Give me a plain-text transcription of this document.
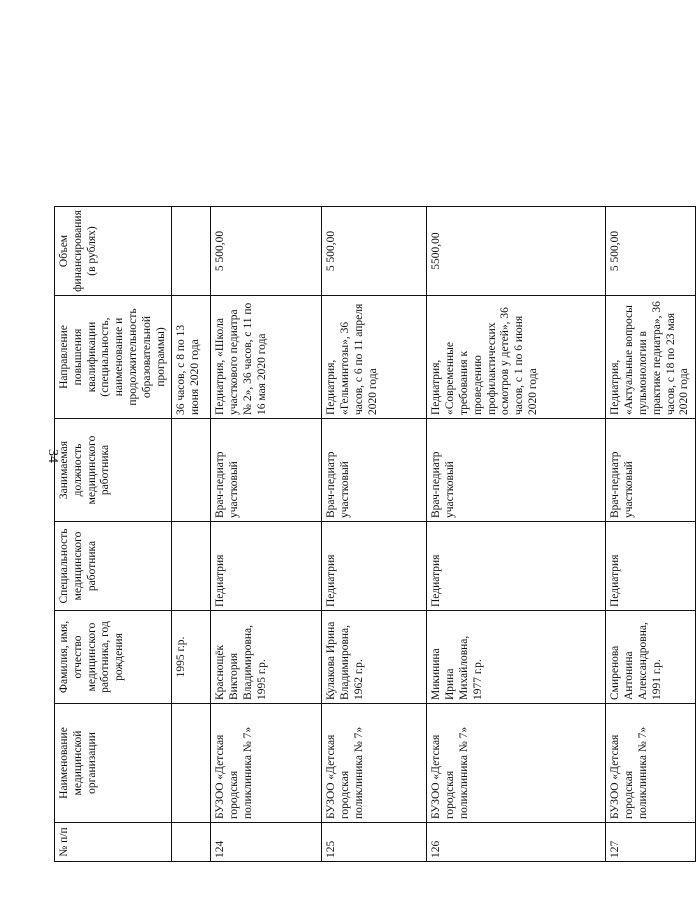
34
№ п/п	Наименование медицинской организации	Фамилия, имя, отчество медицинского работника, год рождения	Специальность медицинского работника	Занимаемая должность медицинского работника	Направление повышения квалификации (специальность, наименование и продолжительность образовательной программы)	Объем финансирования (в рублях)
		1995 г.р.			36 часов, с 8 по 13 июня 2020 года	
124	БУЗОО «Детская городская поликлиника № 7»	Краснощёк Виктория Владимировна, 1995 г.р.	Педиатрия	Врач-педиатр участковый	Педиатрия, «Школа участкового педиатра № 2», 36 часов, с 11 по 16 мая 2020 года	5 500,00
125	БУЗОО «Детская городская поликлиника № 7»	Кулакова Ирина Владимировна, 1962 г.р.	Педиатрия	Врач-педиатр участковый	Педиатрия, «Гельминтозы», 36 часов, с 6 по 11 апреля 2020 года	5 500,00
126	БУЗОО «Детская городская поликлиника № 7»	Микинина Ирина Михайловна, 1977 г.р.	Педиатрия	Врач-педиатр участковый	Педиатрия, «Современные требования к проведению профилактических осмотров у детей», 36 часов, с 1 по 6 июня 2020 года	5500,00
127	БУЗОО «Детская городская поликлиника № 7»	Смиренова Антонина Александровна, 1991 г.р.	Педиатрия	Врач-педиатр участковый	Педиатрия, «Актуальные вопросы пульмонологии в практике педиатра», 36 часов, с 18 по 23 мая 2020 года	5 500,00
